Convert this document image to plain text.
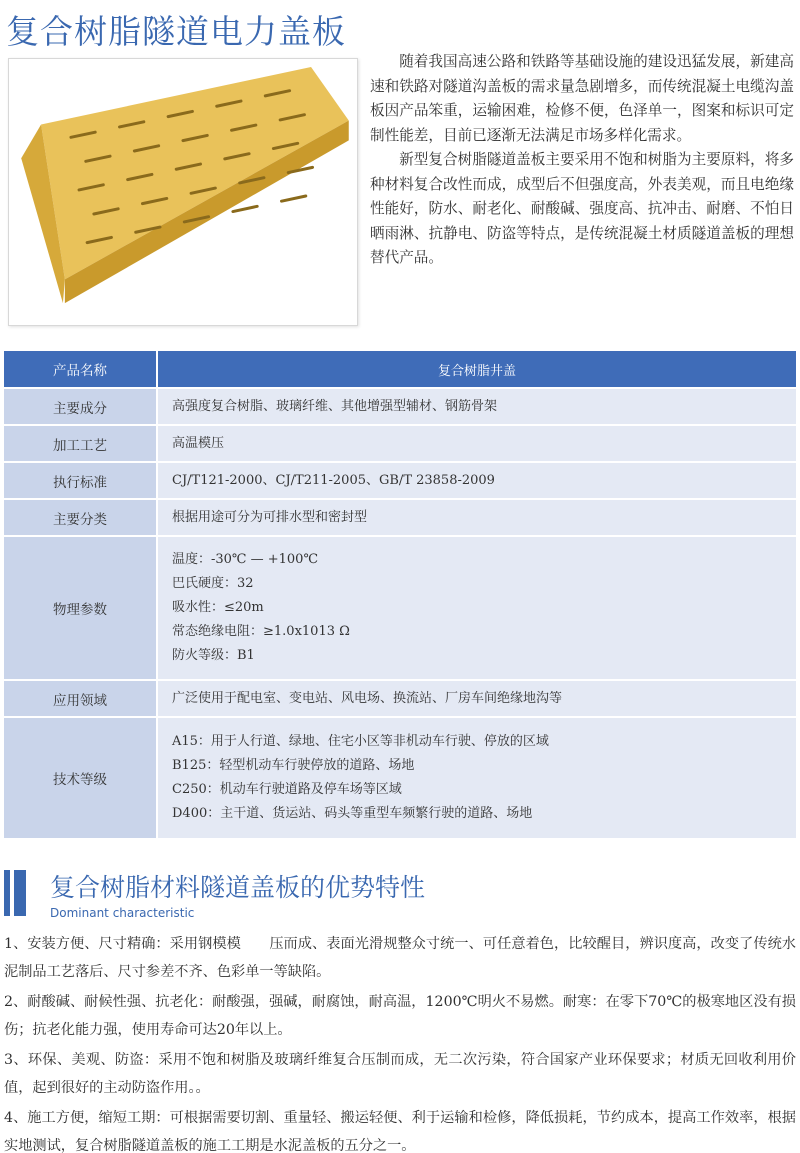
复合树脂隧道电力盖板

随着我国高速公路和铁路等基础设施的建设迅猛发展，新建高速和铁路对隧道沟盖板的需求量急剧增多，而传统混凝土电缆沟盖板因产品笨重，运输困难，检修不便，色泽单一，图案和标识可定制性能差，目前已逐渐无法满足市场多样化需求。

新型复合树脂隧道盖板主要采用不饱和树脂为主要原料，将多种材料复合改性而成，成型后不但强度高，外表美观，而且电绝缘性能好，防水、耐老化、耐酸碱、强度高、抗冲击、耐磨、不怕日晒雨淋、抗静电、防盗等特点，是传统混凝土材质隧道盖板的理想替代产品。

产品名称	复合树脂井盖
主要成分	高强度复合树脂、玻璃纤维、其他增强型辅材、钢筋骨架

加工工艺	高温模压

执行标准	CJ/T121-2000、CJ/T211-2005、GB/T 23858-2009

主要分类	根据用途可分为可排水型和密封型

物理参数	温度：-30℃ — +100℃
巴氏硬度：32
吸水性：≤20m
常态绝缘电阻：≥1.0x1013 Ω
防火等级：B1

应用领域	广泛使用于配电室、变电站、风电场、换流站、厂房车间绝缘地沟等

技术等级	A15：用于人行道、绿地、住宅小区等非机动车行驶、停放的区域
B125：轻型机动车行驶停放的道路、场地
C250：机动车行驶道路及停车场等区域
D400：主干道、货运站、码头等重型车频繁行驶的道路、场地
复合树脂材料隧道盖板的优势特性
Dominant characteristic

1、安装方便、尺寸精确：采用钢模模　　压而成、表面光滑规整众寸统一、可任意着色，比较醒目，辨识度高，改变了传统水泥制品工艺落后、尺寸参差不齐、色彩单一等缺陷。

2、耐酸碱、耐候性强、抗老化：耐酸强，强碱，耐腐蚀，耐高温，1200℃明火不易燃。耐寒：在零下70℃的极寒地区没有损伤；抗老化能力强，使用寿命可达20年以上。

3、环保、美观、防盗：采用不饱和树脂及玻璃纤维复合压制而成，无二次污染，符合国家产业环保要求；材质无回收利用价值，起到很好的主动防盗作用。。

4、施工方便，缩短工期：可根据需要切割、重量轻、搬运轻便、利于运输和检修，降低损耗，节约成本，提高工作效率，根据实地测试，复合树脂隧道盖板的施工工期是水泥盖板的五分之一。
